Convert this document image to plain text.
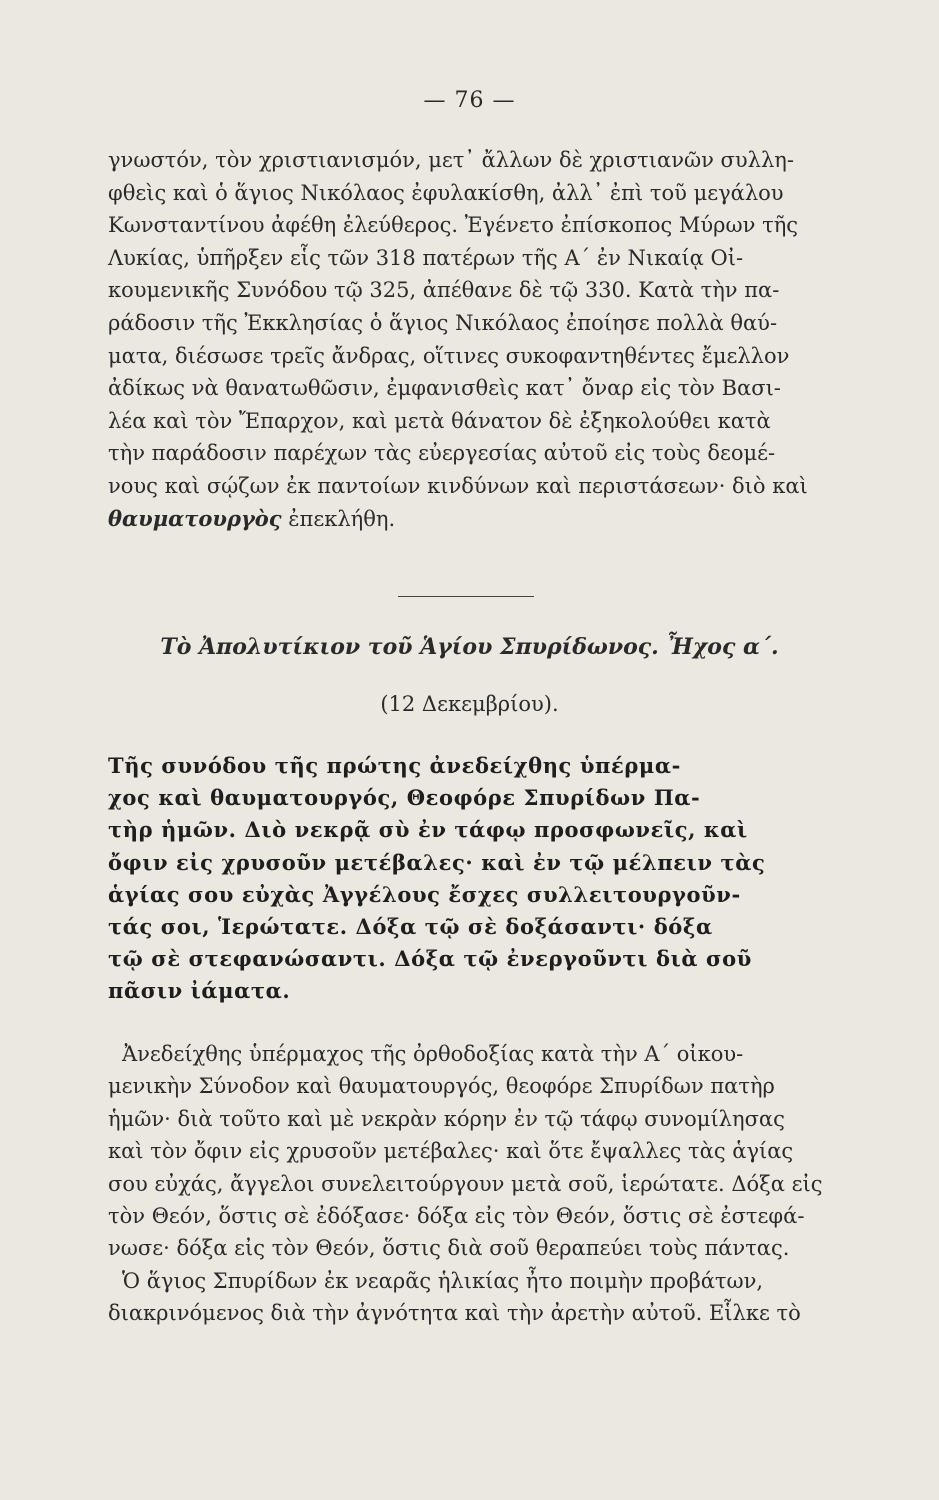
— 76 —

γνωστόν, τὸν χριστιανισμόν, μετ᾽ ἄλλων δὲ χριστιανῶν συλλη-

φθεὶς καὶ ὁ ἅγιος Νικόλαος ἐφυλακίσθη, ἀλλ᾽ ἐπὶ τοῦ μεγάλου

Κωνσταντίνου ἀφέθη ἐλεύθερος. Ἐγένετο ἐπίσκοπος Μύρων τῆς

Λυκίας, ὑπῆρξεν εἷς τῶν 318 πατέρων τῆς Α΄ ἐν Νικαίᾳ Οἰ-

κουμενικῆς Συνόδου τῷ 325, ἀπέθανε δὲ τῷ 330. Κατὰ τὴν πα-

ράδοσιν τῆς Ἐκκλησίας ὁ ἅγιος Νικόλαος ἐποίησε πολλὰ θαύ-

ματα, διέσωσε τρεῖς ἄνδρας, οἵτινες συκοφαντηθέντες ἔμελλον

ἀδίκως νὰ θανατωθῶσιν, ἐμφανισθεὶς κατ᾽ ὄναρ εἰς τὸν Βασι-

λέα καὶ τὸν Ἔπαρχον, καὶ μετὰ θάνατον δὲ ἐξηκολούθει κατὰ

τὴν παράδοσιν παρέχων τὰς εὐεργεσίας αὐτοῦ εἰς τοὺς δεομέ-

νους καὶ σῴζων ἐκ παντοίων κινδύνων καὶ περιστάσεων· διὸ καὶ

θαυματουργὸς ἐπεκλήθη.

Τὸ Ἀπολυτίκιον τοῦ Ἁγίου Σπυρίδωνος. Ἦχος α΄.
(12 Δεκεμβρίου).

Τῆς συνόδου τῆς πρώτης ἀνεδείχθης ὑπέρμα-

χος καὶ θαυματουργός, Θεοφόρε Σπυρίδων Πα-

τὴρ ἡμῶν. Διὸ νεκρᾷ σὺ ἐν τάφῳ προσφωνεῖς, καὶ

ὄφιν εἰς χρυσοῦν μετέβαλες· καὶ ἐν τῷ μέλπειν τὰς

ἁγίας σου εὐχὰς Ἀγγέλους ἔσχες συλλειτουργοῦν-

τάς σοι, Ἱερώτατε. Δόξα τῷ σὲ δοξάσαντι· δόξα

τῷ σὲ στεφανώσαντι. Δόξα τῷ ἐνεργοῦντι διὰ σοῦ

πᾶσιν ἰάματα.

Ἀνεδείχθης ὑπέρμαχος τῆς ὀρθοδοξίας κατὰ τὴν Α΄ οἰκου-

μενικὴν Σύνοδον καὶ θαυματουργός, θεοφόρε Σπυρίδων πατὴρ

ἡμῶν· διὰ τοῦτο καὶ μὲ νεκρὰν κόρην ἐν τῷ τάφῳ συνομίλησας

καὶ τὸν ὄφιν εἰς χρυσοῦν μετέβαλες· καὶ ὅτε ἔψαλλες τὰς ἁγίας

σου εὐχάς, ἄγγελοι συνελειτούργουν μετὰ σοῦ, ἱερώτατε. Δόξα εἰς

τὸν Θεόν, ὅστις σὲ ἐδόξασε· δόξα εἰς τὸν Θεόν, ὅστις σὲ ἐστεφά-

νωσε· δόξα εἰς τὸν Θεόν, ὅστις διὰ σοῦ θεραπεύει τοὺς πάντας.

Ὁ ἅγιος Σπυρίδων ἐκ νεαρᾶς ἡλικίας ἦτο ποιμὴν προβάτων,

διακρινόμενος διὰ τὴν ἀγνότητα καὶ τὴν ἀρετὴν αὐτοῦ. Εἷλκε τὸ
